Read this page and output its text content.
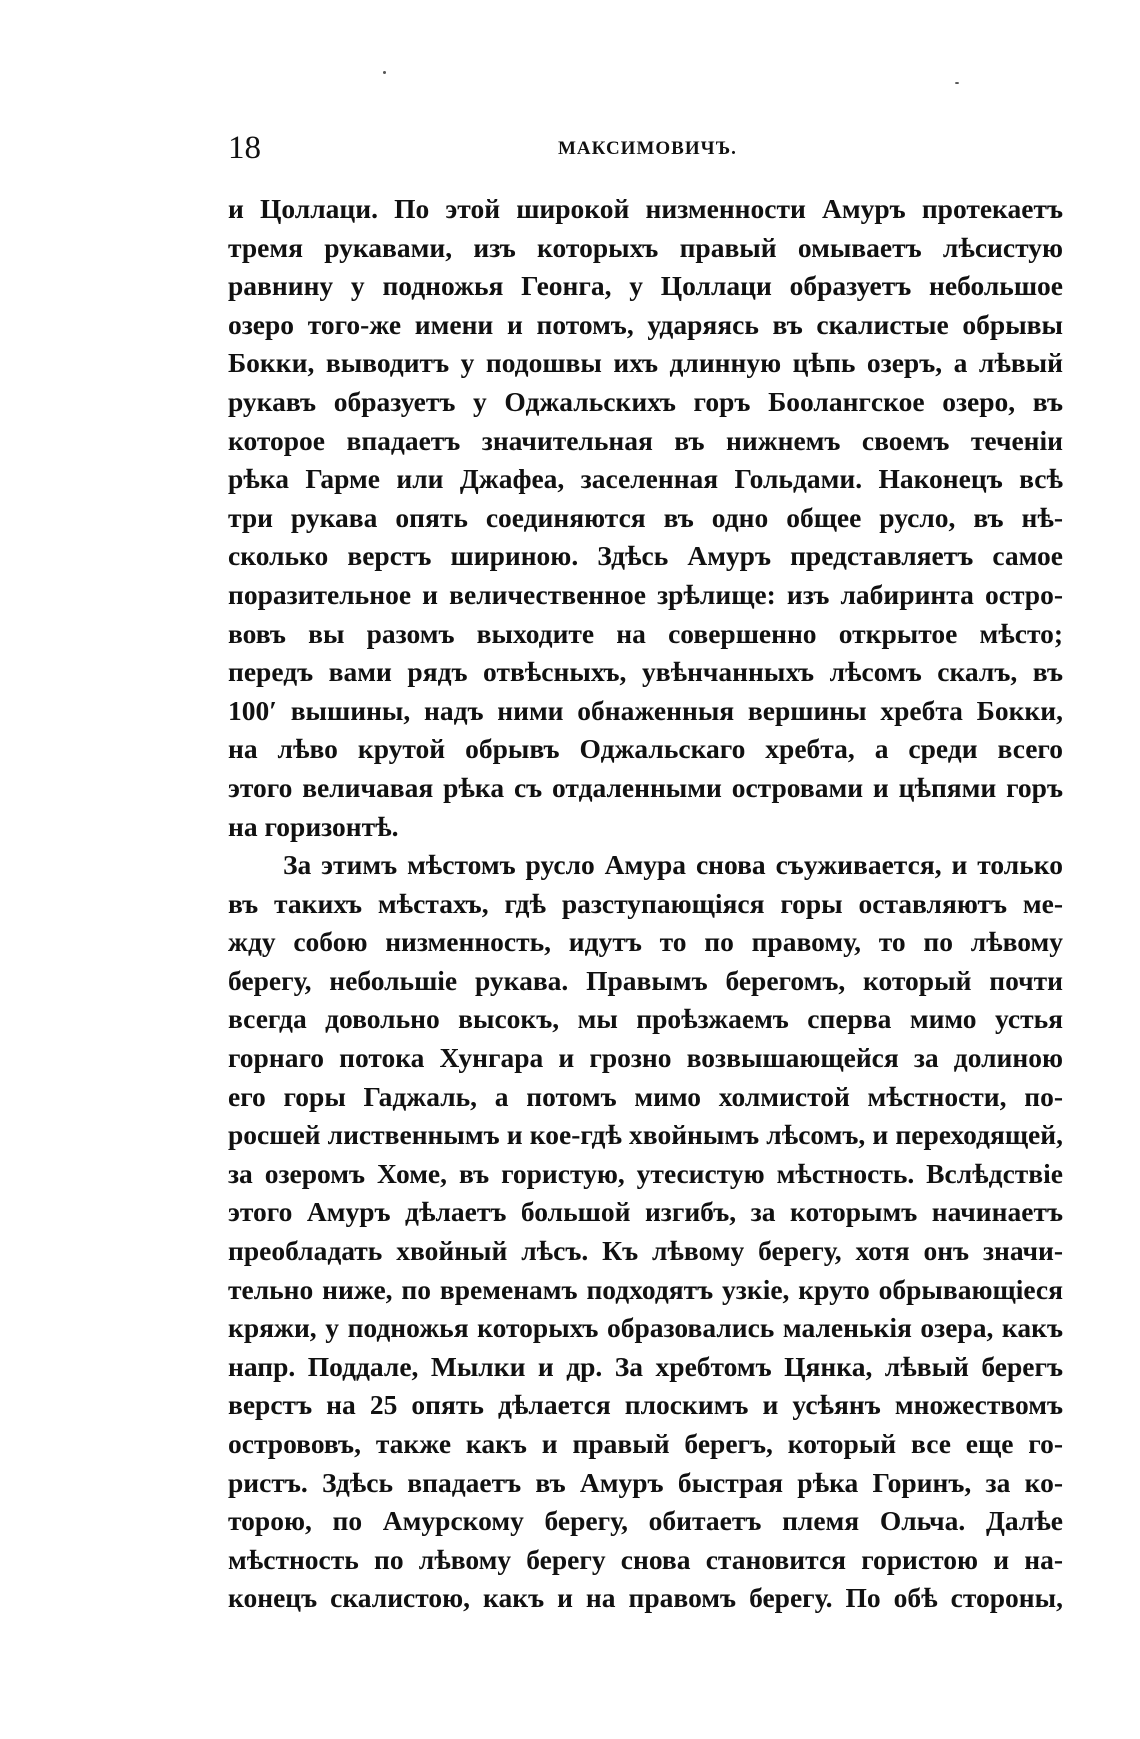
18	МАКСИМОВИЧЪ.
и Цоллаци. По этой широкой низменности Амуръ протекаетъ
тремя рукавами, изъ которыхъ правый омываетъ лѣсистую
равнину у подножья Геонга, у Цоллаци образуетъ небольшое
озеро того-же имени и потомъ, ударяясь въ скалистые обрывы
Бокки, выводитъ у подошвы ихъ длинную цѣпь озеръ, а лѣвый
рукавъ образуетъ у Оджальскихъ горъ Боолангское озеро, въ
которое впадаетъ значительная въ нижнемъ своемъ теченіи
рѣка Гарме или Джафеа, заселенная Гольдами. Наконецъ всѣ
три рукава опять соединяются въ одно общее русло, въ нѣ-
сколько верстъ шириною. Здѣсь Амуръ представляетъ самое
поразительное и величественное зрѣлище: изъ лабиринта остро-
вовъ вы разомъ выходите на совершенно открытое мѣсто;
передъ вами рядъ отвѣсныхъ, увѣнчанныхъ лѣсомъ скалъ, въ
100′ вышины, надъ ними обнаженныя вершины хребта Бокки,
на лѣво крутой обрывъ Оджальскаго хребта, а среди всего
этого величавая рѣка съ отдаленными островами и цѣпями горъ
на горизонтѣ.
За этимъ мѣстомъ русло Амура снова съуживается, и только
въ такихъ мѣстахъ, гдѣ разступающіяся горы оставляютъ ме-
жду собою низменность, идутъ то по правому, то по лѣвому
берегу, небольшіе рукава. Правымъ берегомъ, который почти
всегда довольно высокъ, мы проѣзжаемъ сперва мимо устья
горнаго потока Хунгара и грозно возвышающейся за долиною
его горы Гаджаль, а потомъ мимо холмистой мѣстности, по-
росшей лиственнымъ и кое-гдѣ хвойнымъ лѣсомъ, и переходящей,
за озеромъ Хоме, въ гористую, утесистую мѣстность. Вслѣдствіе
этого Амуръ дѣлаетъ большой изгибъ, за которымъ начинаетъ
преобладать хвойный лѣсъ. Къ лѣвому берегу, хотя онъ значи-
тельно ниже, по временамъ подходятъ узкіе, круто обрывающіеся
кряжи, у подножья которыхъ образовались маленькія озера, какъ
напр. Поддале, Мылки и др. За хребтомъ Цянка, лѣвый берегъ
верстъ на 25 опять дѣлается плоскимъ и усѣянъ множествомъ
острововъ, также какъ и правый берегъ, который все еще го-
ристъ. Здѣсь впадаетъ въ Амуръ быстрая рѣка Горинъ, за ко-
торою, по Амурскому берегу, обитаетъ племя Ольча. Далѣе
мѣстность по лѣвому берегу снова становится гористою и на-
конецъ скалистою, какъ и на правомъ берегу. По обѣ стороны,
